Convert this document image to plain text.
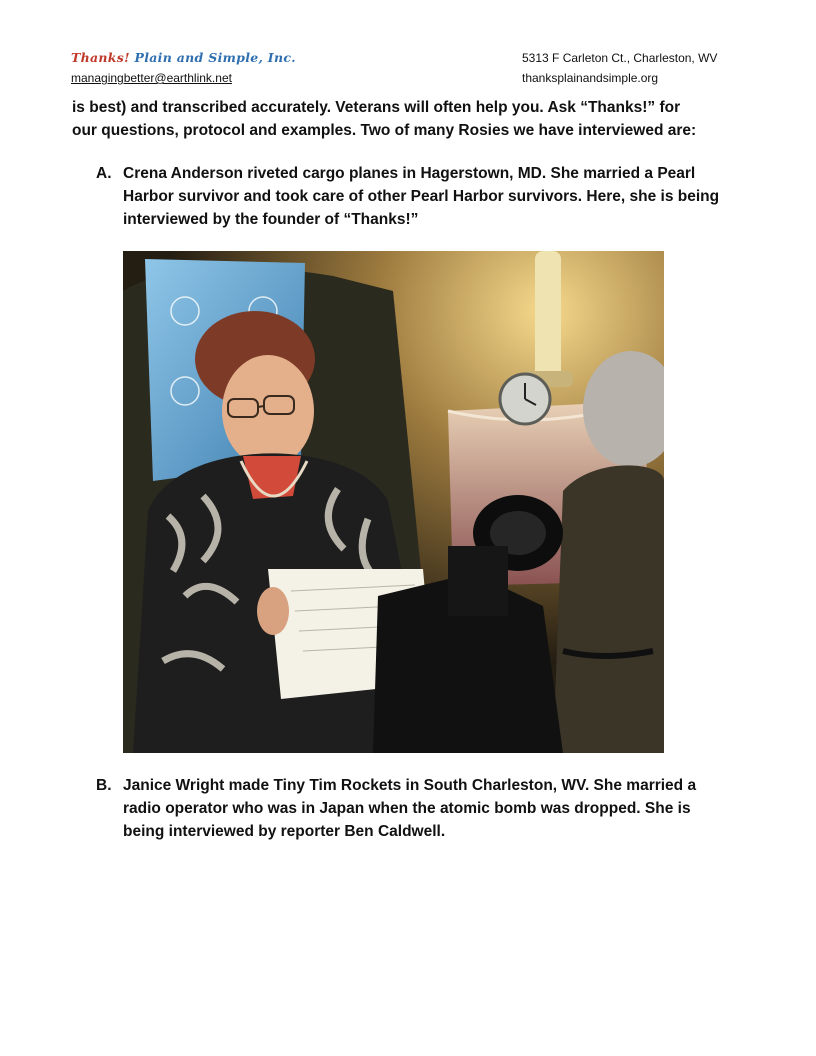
Thanks! Plain and Simple, Inc.
managingbetter@earthlink.net
5313 F Carleton Ct., Charleston, WV
thanksplainandsimple.org
is best) and transcribed accurately. Veterans will often help you. Ask “Thanks!” for
our questions, protocol and examples. Two of many Rosies we have interviewed are:
A. Crena Anderson riveted cargo planes in Hagerstown, MD. She married a Pearl
Harbor survivor and took care of other Pearl Harbor survivors. Here, she is being
interviewed by the founder of “Thanks!”
B. Janice Wright made Tiny Tim Rockets in South Charleston, WV. She married a
radio operator who was in Japan when the atomic bomb was dropped. She is
being interviewed by reporter Ben Caldwell.
